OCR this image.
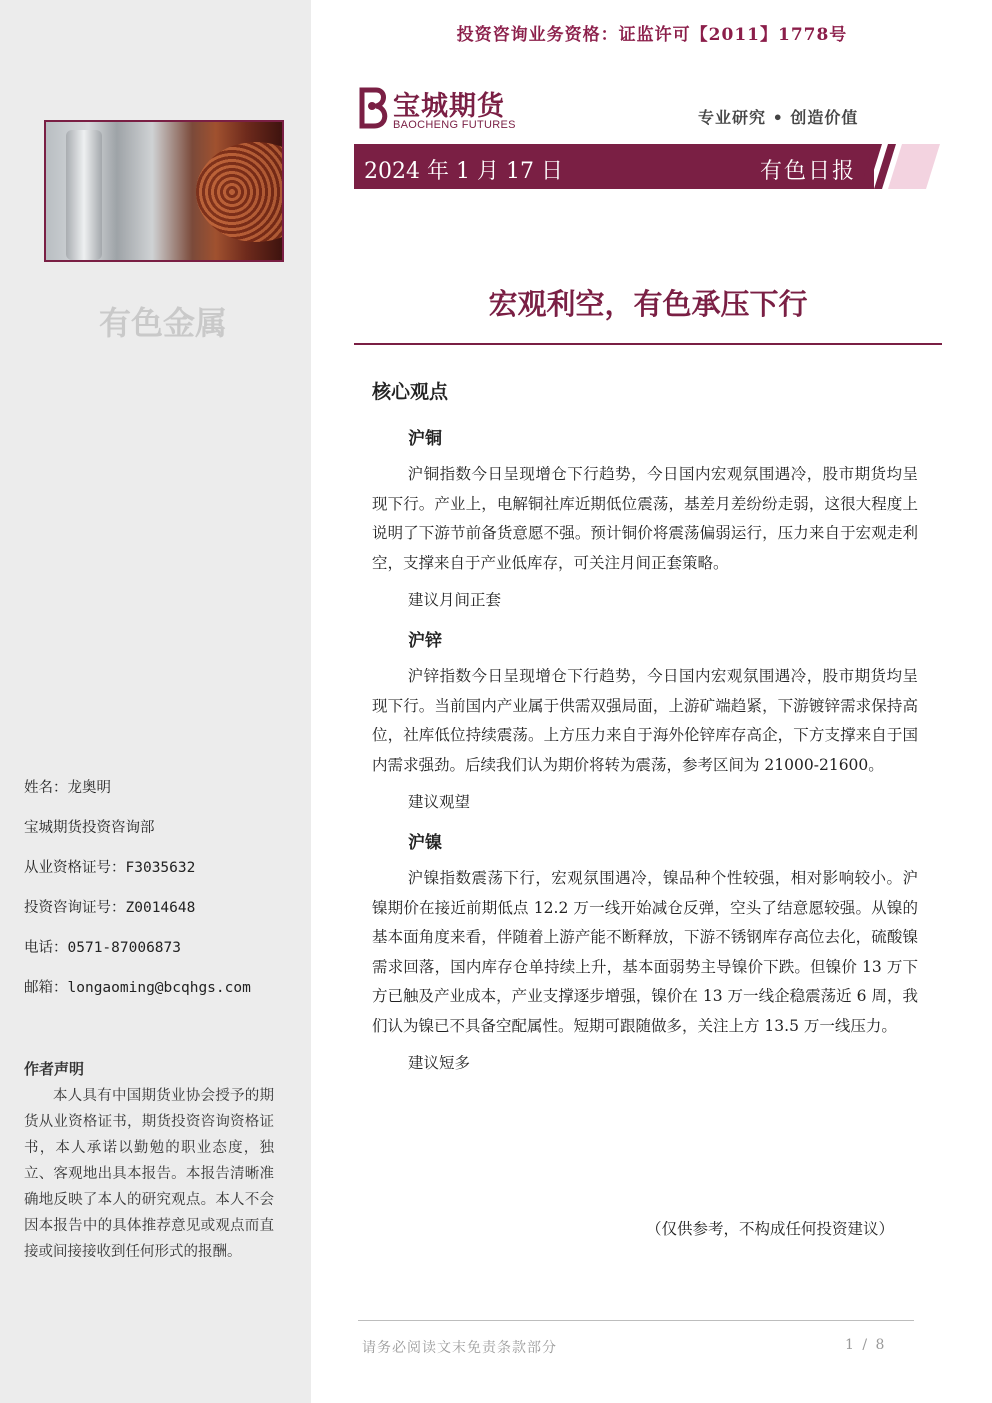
有色金属
姓名：龙奥明
宝城期货投资咨询部
从业资格证号：F3035632
投资咨询证号：Z0014648
电话：0571-87006873
邮箱：longaoming@bcqhgs.com
作者声明
本人具有中国期货业协会授予的期货从业资格证书，期货投资咨询资格证书，本人承诺以勤勉的职业态度，独立、客观地出具本报告。本报告清晰准确地反映了本人的研究观点。本人不会因本报告中的具体推荐意见或观点而直接或间接接收到任何形式的报酬。
投资咨询业务资格：证监许可【2011】1778号
宝城期货
BAOCHENG FUTURES	专业研究 • 创造价值
2024 年 1 月 17 日	有色日报
宏观利空，有色承压下行
核心观点
沪铜

沪铜指数今日呈现增仓下行趋势，今日国内宏观氛围遇冷，股市期货均呈现下行。产业上，电解铜社库近期低位震荡，基差月差纷纷走弱，这很大程度上说明了下游节前备货意愿不强。预计铜价将震荡偏弱运行，压力来自于宏观走利空，支撑来自于产业低库存，可关注月间正套策略。

建议月间正套
沪锌

沪锌指数今日呈现增仓下行趋势，今日国内宏观氛围遇冷，股市期货均呈现下行。当前国内产业属于供需双强局面，上游矿端趋紧，下游镀锌需求保持高位，社库低位持续震荡。上方压力来自于海外伦锌库存高企，下方支撑来自于国内需求强劲。后续我们认为期价将转为震荡，参考区间为 21000-21600。

建议观望
沪镍

沪镍指数震荡下行，宏观氛围遇冷，镍品种个性较强，相对影响较小。沪镍期价在接近前期低点 12.2 万一线开始减仓反弹，空头了结意愿较强。从镍的基本面角度来看，伴随着上游产能不断释放，下游不锈钢库存高位去化，硫酸镍需求回落，国内库存仓单持续上升，基本面弱势主导镍价下跌。但镍价 13 万下方已触及产业成本，产业支撑逐步增强，镍价在 13 万一线企稳震荡近 6 周，我们认为镍已不具备空配属性。短期可跟随做多，关注上方 13.5 万一线压力。

建议短多
（仅供参考，不构成任何投资建议）
请务必阅读文末免责条款部分	1 / 8
